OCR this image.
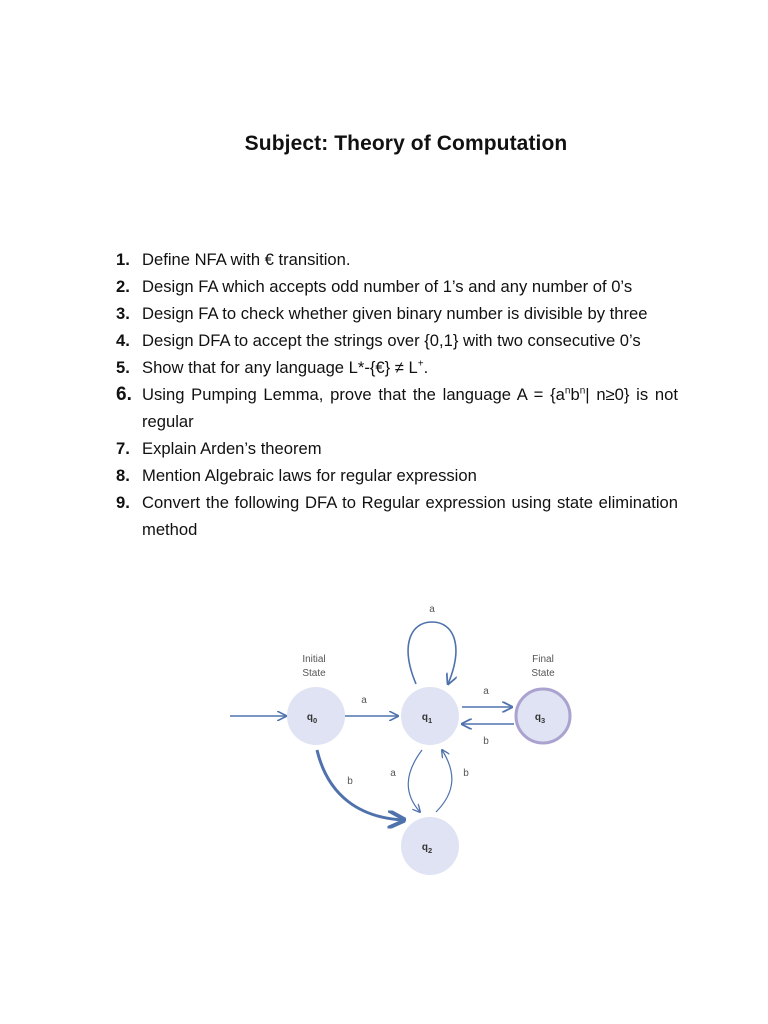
Subject: Theory of Computation
1. Define NFA with € transition.
2. Design FA which accepts odd number of 1’s and any number of 0’s
3. Design FA to check whether given binary number is divisible by three
4. Design DFA to accept the strings over {0,1} with two consecutive 0’s
5. Show that for any language L*-{€} ≠ L+.
6. Using Pumping Lemma, prove that the language $A = \{a^nb^n|$ n≥0} is not regular
7. Explain Arden’s theorem
8. Mention Algebraic laws for regular expression
9. Convert the following DFA to Regular expression using state elimination method
Initial
State
Final
State
a
a
a
b
b
a	b
$q_0$	$q_1$
$q_2$
$q_3$
